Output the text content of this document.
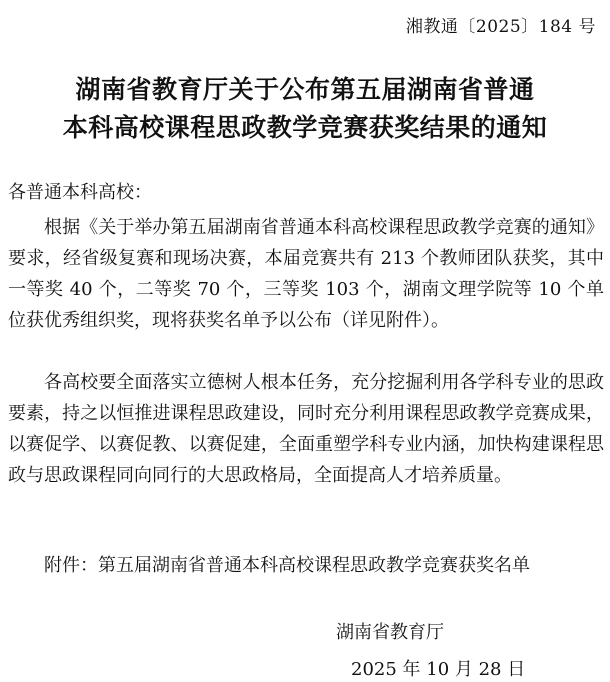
湘教通〔2025〕184 号
湖南省教育厅关于公布第五届湖南省普通
本科高校课程思政教学竞赛获奖结果的通知
各普通本科高校：

根据《关于举办第五届湖南省普通本科高校课程思政教学竞赛的通知》要求，经省级复赛和现场决赛，本届竞赛共有 213 个教师团队获奖，其中一等奖 40 个，二等奖 70 个，三等奖 103 个，湖南文理学院等 10 个单位获优秀组织奖，现将获奖名单予以公布（详见附件）。

各高校要全面落实立德树人根本任务，充分挖掘利用各学科专业的思政要素，持之以恒推进课程思政建设，同时充分利用课程思政教学竞赛成果，以赛促学、以赛促教、以赛促建，全面重塑学科专业内涵，加快构建课程思政与思政课程同向同行的大思政格局，全面提高人才培养质量。

附件：第五届湖南省普通本科高校课程思政教学竞赛获奖名单
湖南省教育厅
2025 年 10 月 28 日
